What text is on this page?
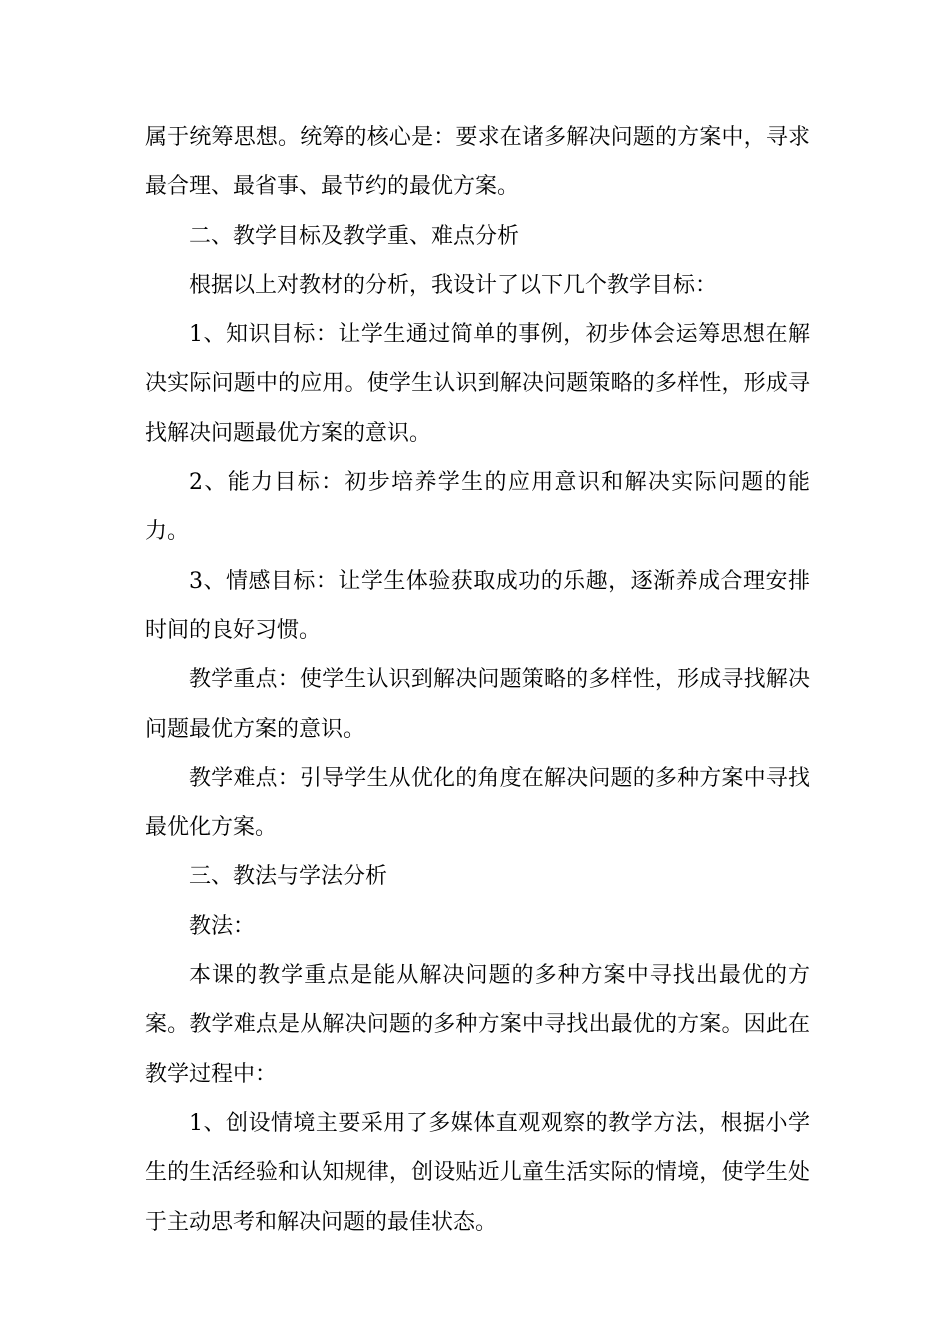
属于统筹思想。统筹的核心是：要求在诸多解决问题的方案中，寻求最合理、最省事、最节约的最优方案。

二、教学目标及教学重、难点分析

根据以上对教材的分析，我设计了以下几个教学目标：

1、知识目标：让学生通过简单的事例，初步体会运筹思想在解决实际问题中的应用。使学生认识到解决问题策略的多样性，形成寻找解决问题最优方案的意识。

2、能力目标：初步培养学生的应用意识和解决实际问题的能力。

3、情感目标：让学生体验获取成功的乐趣，逐渐养成合理安排时间的良好习惯。

教学重点：使学生认识到解决问题策略的多样性，形成寻找解决问题最优方案的意识。

教学难点：引导学生从优化的角度在解决问题的多种方案中寻找最优化方案。

三、教法与学法分析

教法：

本课的教学重点是能从解决问题的多种方案中寻找出最优的方案。教学难点是从解决问题的多种方案中寻找出最优的方案。因此在教学过程中：

1、创设情境主要采用了多媒体直观观察的教学方法，根据小学生的生活经验和认知规律，创设贴近儿童生活实际的情境，使学生处于主动思考和解决问题的最佳状态。
